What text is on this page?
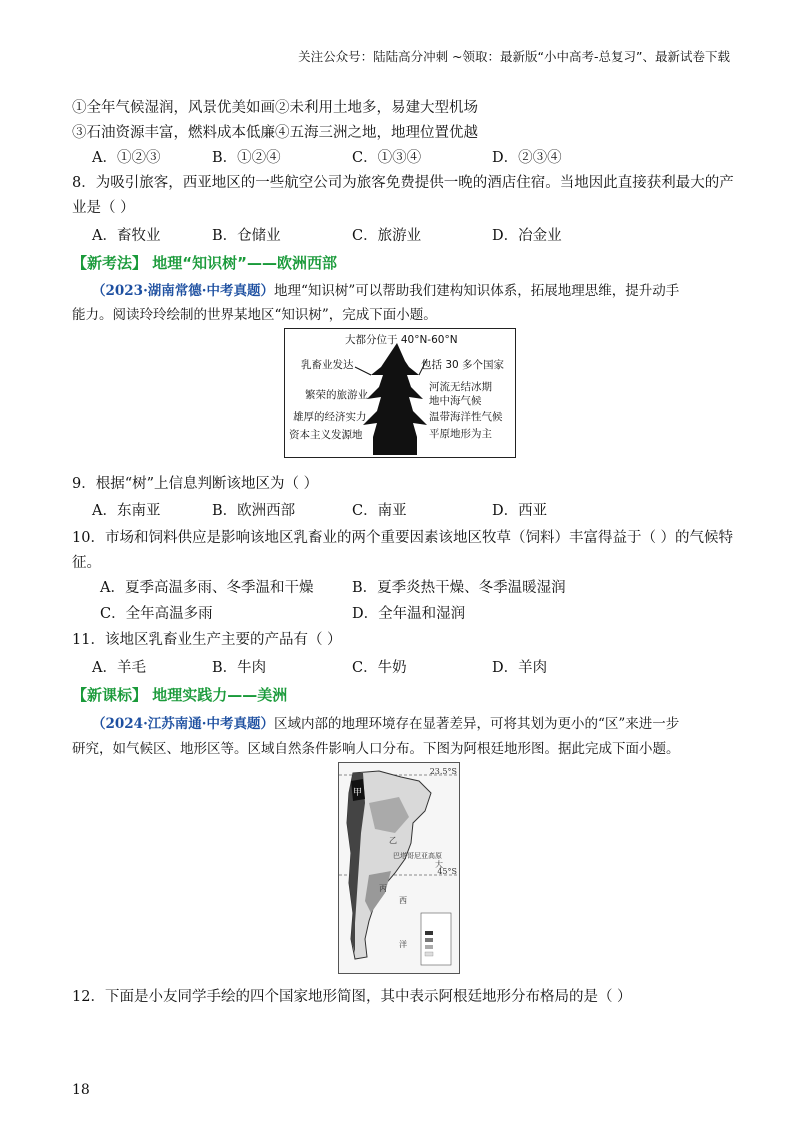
关注公众号：陆陆高分冲刺 ~领取：最新版“小中高考-总复习”、最新试卷下载
①全年气候湿润，风景优美如画②未利用土地多，易建大型机场
③石油资源丰富，燃料成本低廉④五海三洲之地，地理位置优越
A．①②③	B．①②④	C．①③④	D．②③④
8．为吸引旅客，西亚地区的一些航空公司为旅客免费提供一晚的酒店住宿。当地因此直接获利最大的产
业是（ ）
A．畜牧业	B．仓储业	C．旅游业	D．冶金业
【新考法】 地理“知识树”——欧洲西部
（2023·湖南常德·中考真题）地理“知识树”可以帮助我们建构知识体系，拓展地理思维，提升动手
能力。阅读玲玲绘制的世界某地区“知识树”，完成下面小题。
大都分位于 40°N-60°N
乳畜业发达
繁荣的旅游业
雄厚的经济实力
资本主义发源地
包括 30 多个国家
河流无结冰期
地中海气候
温带海洋性气候
平原地形为主
9．根据“树”上信息判断该地区为（ ）
A．东南亚	B．欧洲西部	C．南亚	D．西亚
10．市场和饲料供应是影响该地区乳畜业的两个重要因素该地区牧草（饲料）丰富得益于（ ）的气候特
征。
A．夏季高温多雨、冬季温和干燥	B．夏季炎热干燥、冬季温暖湿润
C．全年高温多雨	D．全年温和湿润
11．该地区乳畜业生产主要的产品有（ ）
A．羊毛	B．牛肉	C．牛奶	D．羊肉
【新课标】 地理实践力——美洲
（2024·江苏南通·中考真题）区域内部的地理环境存在显著差异，可将其划为更小的“区”来进一步
研究，如气候区、地形区等。区域自然条件影响人口分布。下图为阿根廷地形图。据此完成下面小题。
23.5°S
45°S
甲
乙
丙
巴塔哥尼亚高原
大
西
洋
12．下面是小友同学手绘的四个国家地形简图，其中表示阿根廷地形分布格局的是（ ）
18
